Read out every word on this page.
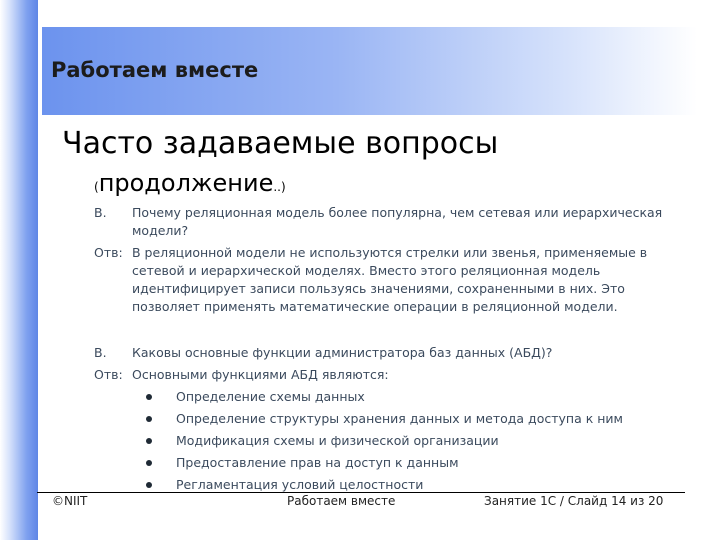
Работаем вместе
Часто задаваемые вопросы
(продолжение..)
В.	Почему реляционная модель более популярна, чем сетевая или иерархическая модели?
Отв: В реляционной модели не используются стрелки или звенья, применяемые в сетевой и иерархической моделях. Вместо этого реляционная модель идентифицирует записи пользуясь значениями, сохраненными в них. Это позволяет применять математические операции в реляционной модели.
В.	Каковы основные функции администратора баз данных (АБД)?
Отв: Основными функциями АБД являются:
Определение схемы данных
Определение структуры хранения данных и метода доступа к ним
Модификация схемы и физической организации
Предоставление прав на доступ к данным
Регламентация условий целостности
©NIIT	Работаем вместе	Занятие 1C / Слайд 14 из 20
